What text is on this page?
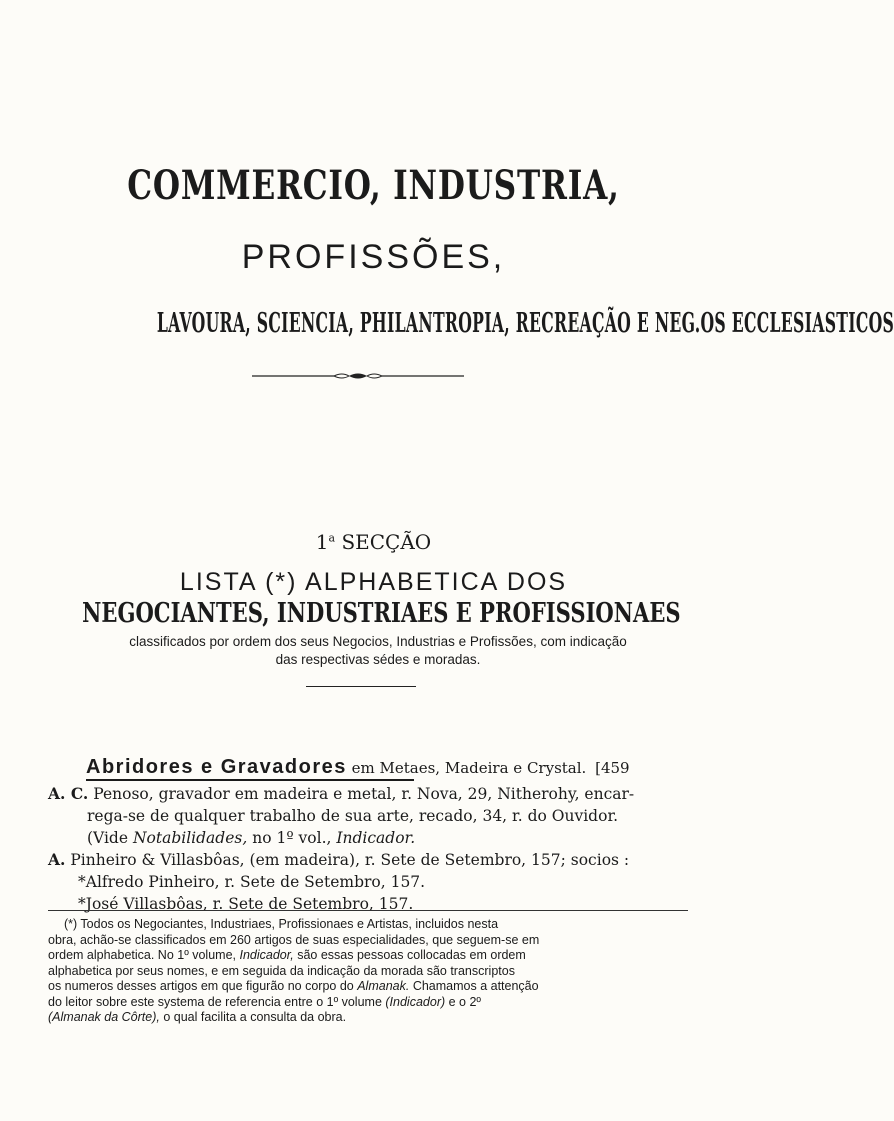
COMMERCIO, INDUSTRIA,
PROFISSÕES,
LAVOURA, SCIENCIA, PHILANTROPIA, RECREAÇÃO E NEG.OS ECCLESIASTICOS
1$^a$ SECÇÃO
LISTA (*) ALPHABETICA DOS
NEGOCIANTES, INDUSTRIAES E PROFISSIONAES
classificados por ordem dos seus Negocios, Industrias e Profissões, com indicação
das respectivas sédes e moradas.
Abridores e Gravadores em Metaes, Madeira e Crystal. [459
A. C. Penoso, gravador em madeira e metal, r. Nova, 29, Nitherohy, encar-
rega-se de qualquer trabalho de sua arte, recado, 34, r. do Ouvidor.
(Vide Notabilidades, no 1º vol., Indicador.
A. Pinheiro & Villasbôas, (em madeira), r. Sete de Setembro, 157; socios :
*Alfredo Pinheiro, r. Sete de Setembro, 157.
*José Villasbôas, r. Sete de Setembro, 157.
(*) Todos os Negociantes, Industriaes, Profissionaes e Artistas, incluidos nesta
obra, achão-se classificados em 260 artigos de suas especialidades, que seguem-se em
ordem alphabetica. No 1º volume, Indicador, são essas pessoas collocadas em ordem
alphabetica por seus nomes, e em seguida da indicação da morada são transcriptos
os numeros desses artigos em que figurão no corpo do Almanak. Chamamos a attenção
do leitor sobre este systema de referencia entre o 1º volume (Indicador) e o 2º
(Almanak da Côrte), o qual facilita a consulta da obra.
